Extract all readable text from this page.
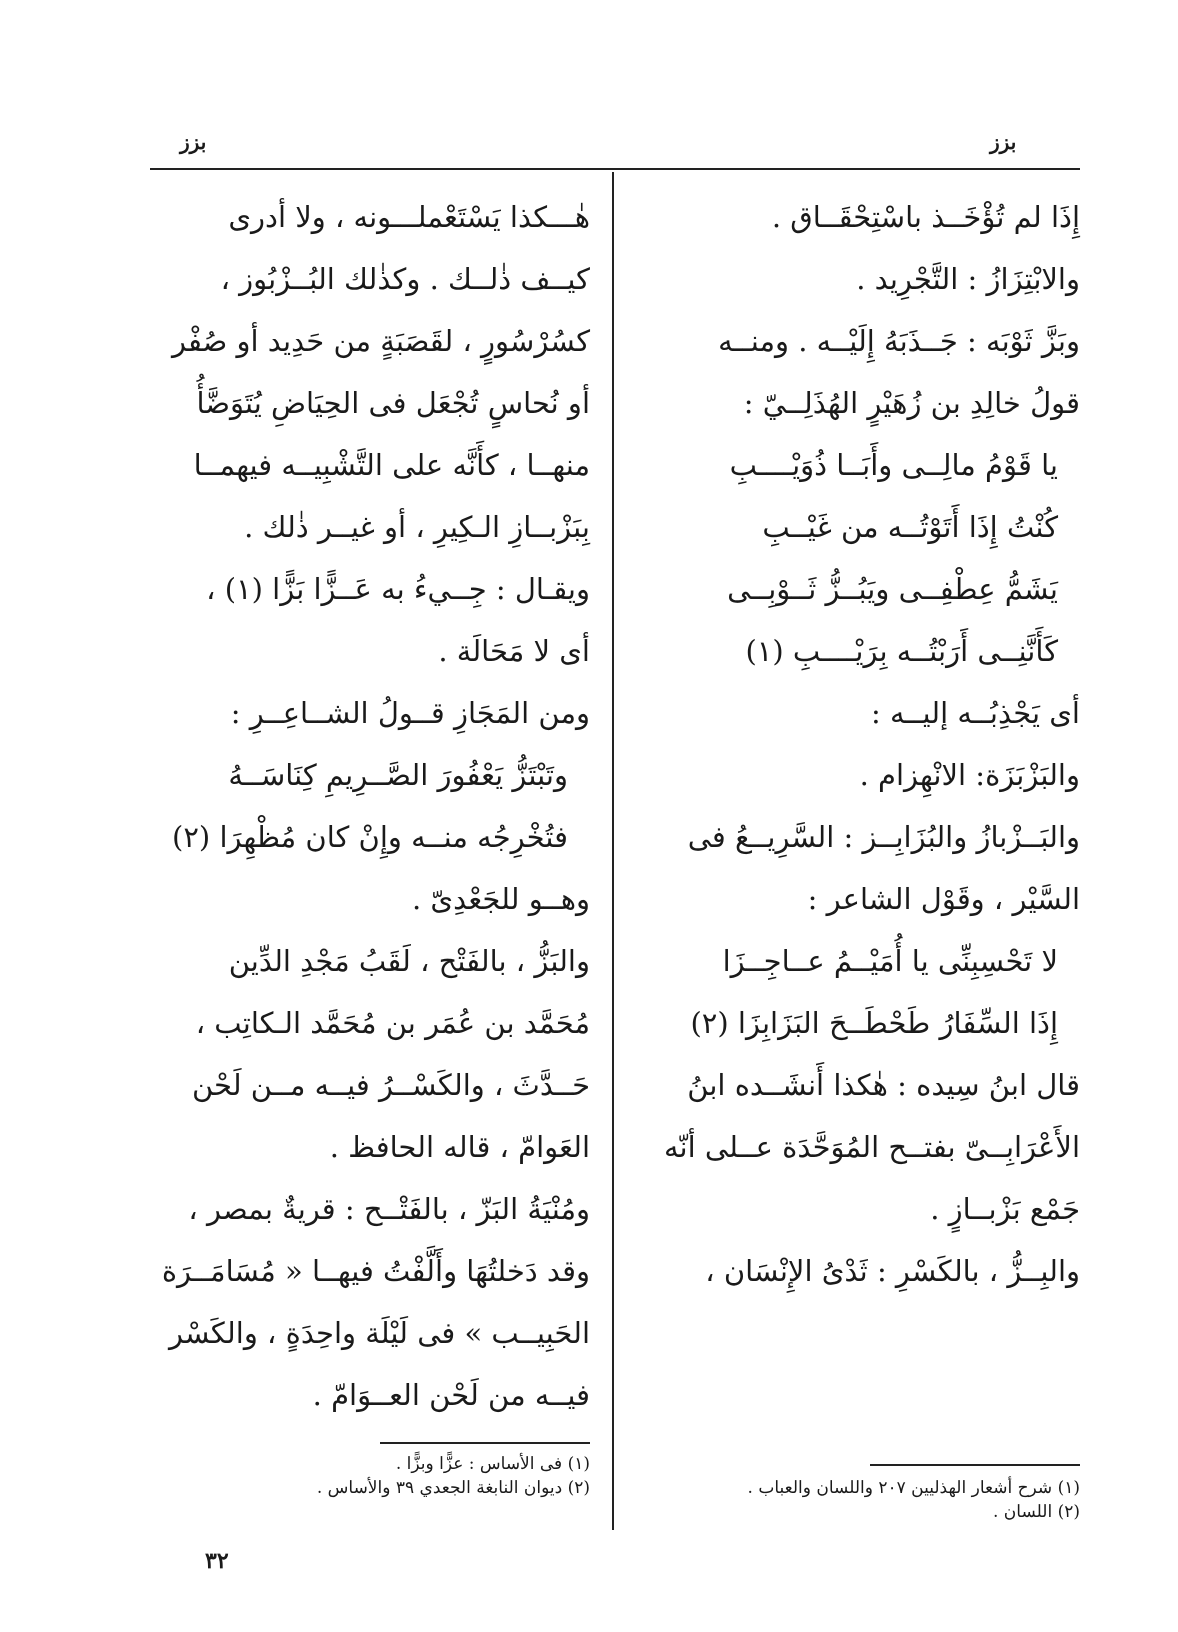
بزز
بزز
إِذَا لم تُؤْخَــذ باسْتِحْقَــاق .
والابْتِزَازُ : التَّجْرِيد .
وبَزَّ ثَوْبَه : جَــذَبَهُ إِلَيْــه . ومنــه
قولُ خالِدِ بن زُهَيْرٍ الهُذَلِــيّ :
يا قَوْمُ مالِــى وأَبَــا ذُوَيْــــبِ
كُنْتُ إِذَا أَتَوْتُــه من غَيْــبِ
يَشَمُّ عِطْفِــى ويَبُــزُّ ثَــوْبِــى
كَأَنَّنِــى أَرَبْتُــه بِرَيْــــبِ (١)
أى يَجْذِبُــه إليــه :
والبَزْبَزَة: الانْهِزام .
والبَــزْبازُ والبُزَابِــز : السَّرِيــعُ فى
السَّيْر ، وقَوْل الشاعر :
لا تَحْسِبِنِّى يا أُمَيْــمُ عــاجِــزَا
إِذَا السِّفَارُ طَحْطَــحَ البَزَابِزَا (٢)
قال ابنُ سِيده : هٰكذا أَنشَــده ابنُ
الأَعْرَابِــىّ بفتــح المُوَحَّدَة عــلى أنّه
جَمْع بَزْبــازٍ .
والبِــزُّ ، بالكَسْرِ : ثَدْىُ الإِنْسَان ،
هٰـــكذا يَسْتَعْملـــونه ، ولا أدرى
كيــف ذٰلــك . وكذٰلك البُــزْبُوز ،
كسُرْسُورٍ ، لقَصَبَةٍ من حَدِيد أو صُفْر
أو نُحاسٍ تُجْعَل فى الحِيَاضِ يُتَوَضَّأُ
منهــا ، كأَنَّه على التَّشْبِيــه فيهمــا
بِبَزْبــازِ الـكِيرِ ، أو غيــر ذٰلك .
ويقـال : جِــيءُ به عَــزًّا بَزًّا (١) ،
أى لا مَحَالَة .
ومن المَجَازِ قــولُ الشــاعِــرِ :
وتَبْتَزُّ يَعْفُورَ الصَّــرِيمِ كِنَاسَــهُ
فتُخْرِجُه منــه وإِنْ كان مُظْهِرَا (٢)
وهــو للجَعْدِىّ .
والبَزُّ ، بالفَتْح ، لَقَبُ مَجْدِ الدِّين
مُحَمَّد بن عُمَر بن مُحَمَّد الـكاتِب ،
حَــدَّثَ ، والكَسْــرُ فيــه مــن لَحْن
العَوامّ ، قاله الحافظ .
ومُنْيَةُ البَزّ ، بالفَتْــح : قريةٌ بمصر ،
وقد دَخلتُهَا وأَلَّفْتُ فيهــا « مُسَامَــرَة
الحَبِيــب » فى لَيْلَة واحِدَةٍ ، والكَسْر
فيــه من لَحْن العــوَامّ .
(١) شرح أشعار الهذليين ٢٠٧ واللسان والعباب .
(٢) اللسان .
(١) فى الأساس : عزًّا وبزًّا .
(٢) ديوان النابغة الجعدي ٣٩ والأساس .
٣٢
